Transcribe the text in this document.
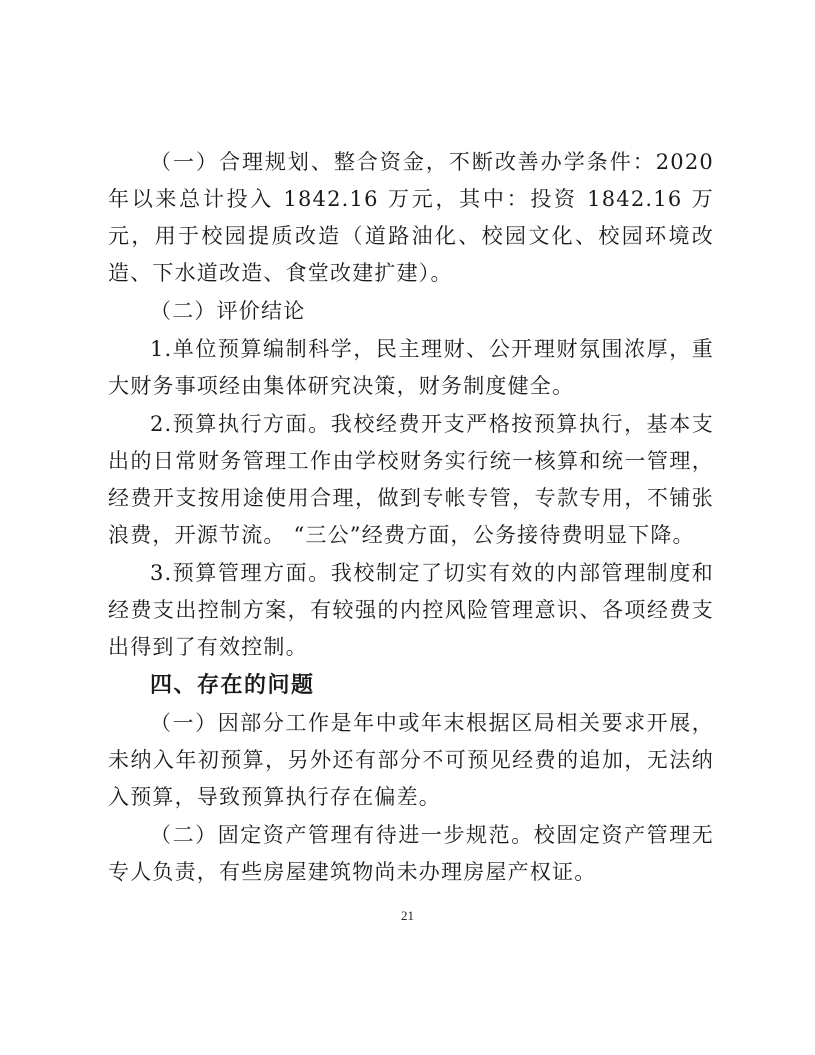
（一）合理规划、整合资金，不断改善办学条件：2020 年以来总计投入 1842.16 万元，其中：投资 1842.16 万元，用于校园提质改造（道路油化、校园文化、校园环境改造、下水道改造、食堂改建扩建）。

（二）评价结论

1.单位预算编制科学，民主理财、公开理财氛围浓厚，重大财务事项经由集体研究决策，财务制度健全。

2.预算执行方面。我校经费开支严格按预算执行，基本支出的日常财务管理工作由学校财务实行统一核算和统一管理，经费开支按用途使用合理，做到专帐专管，专款专用，不铺张浪费，开源节流。 “三公”经费方面，公务接待费明显下降。

3.预算管理方面。我校制定了切实有效的内部管理制度和经费支出控制方案，有较强的内控风险管理意识、各项经费支出得到了有效控制。

四、存在的问题

（一）因部分工作是年中或年末根据区局相关要求开展，未纳入年初预算，另外还有部分不可预见经费的追加，无法纳入预算，导致预算执行存在偏差。

（二）固定资产管理有待进一步规范。校固定资产管理无专人负责，有些房屋建筑物尚未办理房屋产权证。

21
